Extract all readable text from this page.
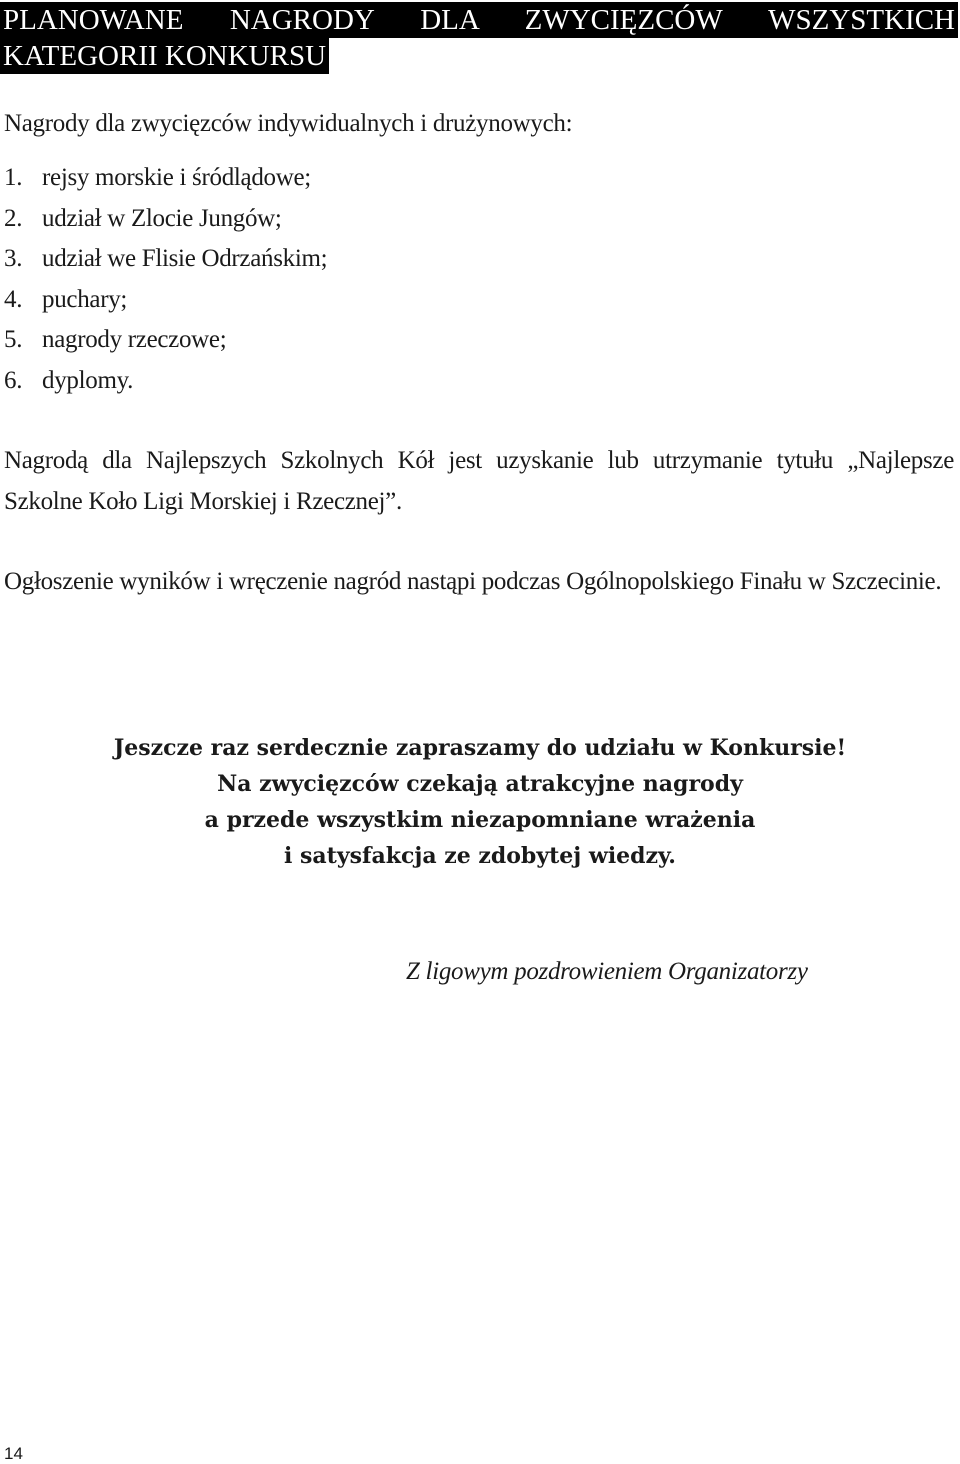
PLANOWANE NAGRODY DLA ZWYCIĘZCÓW WSZYSTKICH
KATEGORII KONKURSU
Nagrody dla zwycięzców indywidualnych i drużynowych:
1. rejsy morskie i śródlądowe;
2. udział w Zlocie Jungów;
3. udział we Flisie Odrzańskim;
4. puchary;
5. nagrody rzeczowe;
6. dyplomy.
Nagrodą dla Najlepszych Szkolnych Kół jest uzyskanie lub utrzymanie tytułu „Najlepsze Szkolne Koło Ligi Morskiej i Rzecznej”.
Ogłoszenie wyników i wręczenie nagród nastąpi podczas Ogólnopolskiego Finału w Szczecinie.
Jeszcze raz serdecznie zapraszamy do udziału w Konkursie!
Na zwycięzców czekają atrakcyjne nagrody
a przede wszystkim niezapomniane wrażenia
i satysfakcja ze zdobytej wiedzy.
Z ligowym pozdrowieniem Organizatorzy
14
